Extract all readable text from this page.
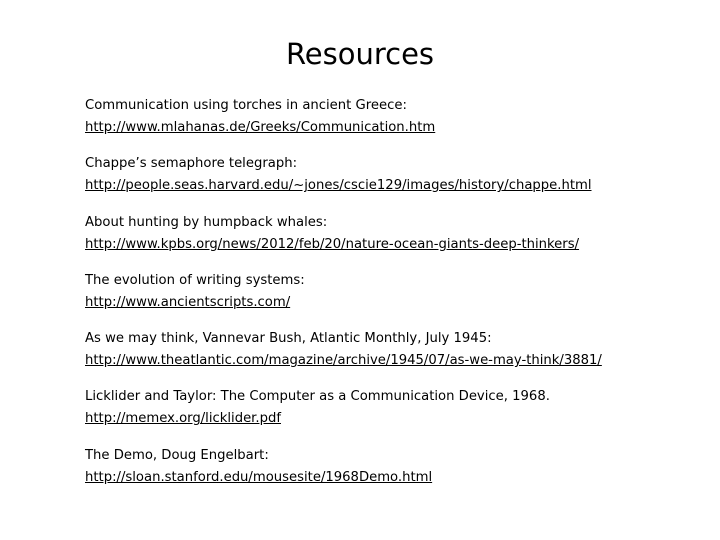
Resources
Communication using torches in ancient Greece:
http://www.mlahanas.de/Greeks/Communication.htm
Chappe’s semaphore telegraph:
http://people.seas.harvard.edu/~jones/cscie129/images/history/chappe.html
About hunting by humpback whales:
http://www.kpbs.org/news/2012/feb/20/nature-ocean-giants-deep-thinkers/
The evolution of writing systems:
http://www.ancientscripts.com/
As we may think, Vannevar Bush, Atlantic Monthly, July 1945:
http://www.theatlantic.com/magazine/archive/1945/07/as-we-may-think/3881/
Licklider and Taylor: The Computer as a Communication Device, 1968.
http://memex.org/licklider.pdf
The Demo, Doug Engelbart:
http://sloan.stanford.edu/mousesite/1968Demo.html
